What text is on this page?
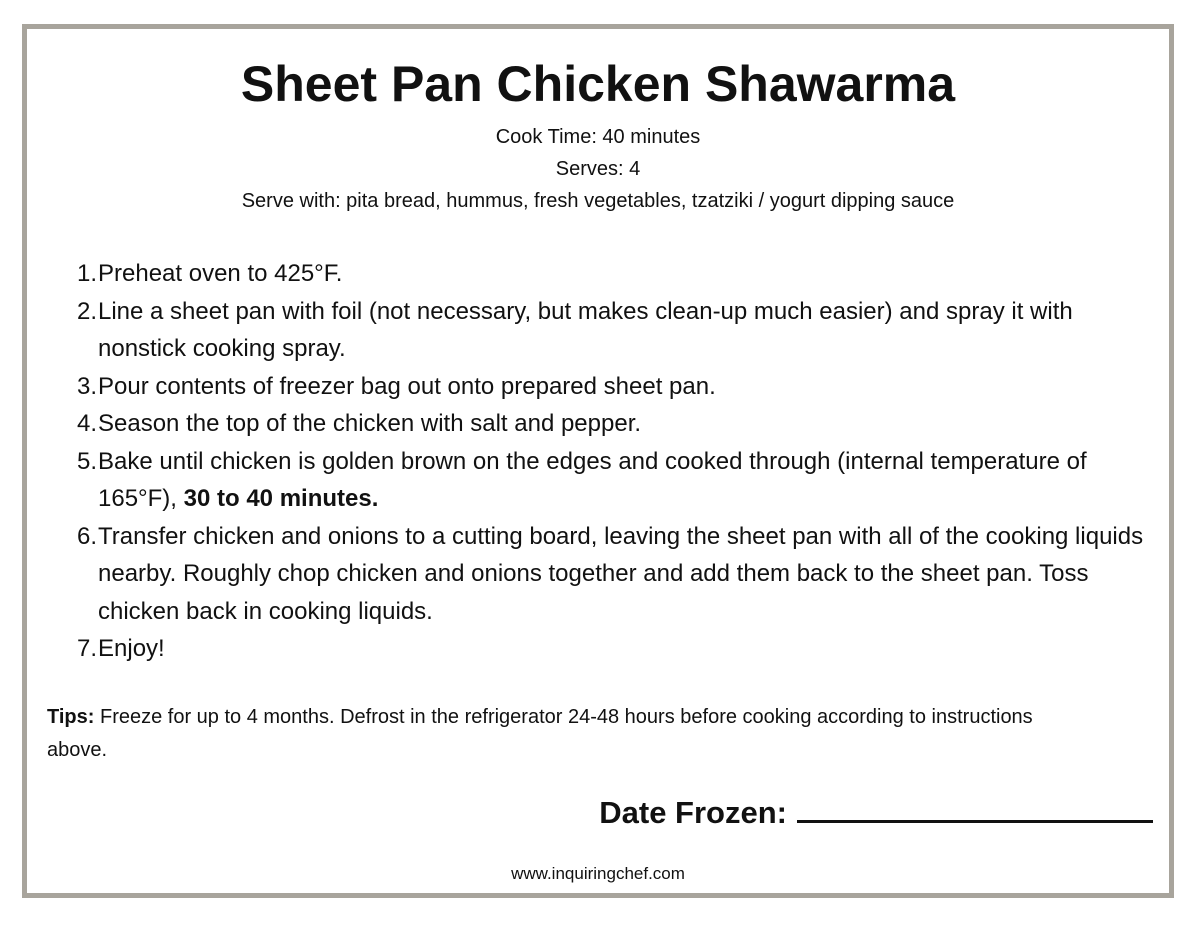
Sheet Pan Chicken Shawarma

Cook Time: 40 minutes

Serves: 4

Serve with: pita bread, hummus, fresh vegetables, tzatziki / yogurt dipping sauce

1. Preheat oven to 425°F.
2. Line a sheet pan with foil (not necessary, but makes clean-up much easier) and spray it with nonstick cooking spray.
3. Pour contents of freezer bag out onto prepared sheet pan.
4. Season the top of the chicken with salt and pepper.
5. Bake until chicken is golden brown on the edges and cooked through (internal temperature of 165°F), 30 to 40 minutes.
6. Transfer chicken and onions to a cutting board, leaving the sheet pan with all of the cooking liquids nearby. Roughly chop chicken and onions together and add them back to the sheet pan. Toss chicken back in cooking liquids.
7. Enjoy!

Tips: Freeze for up to 4 months. Defrost in the refrigerator 24-48 hours before cooking according to instructions above.

Date Frozen:

www.inquiringchef.com
